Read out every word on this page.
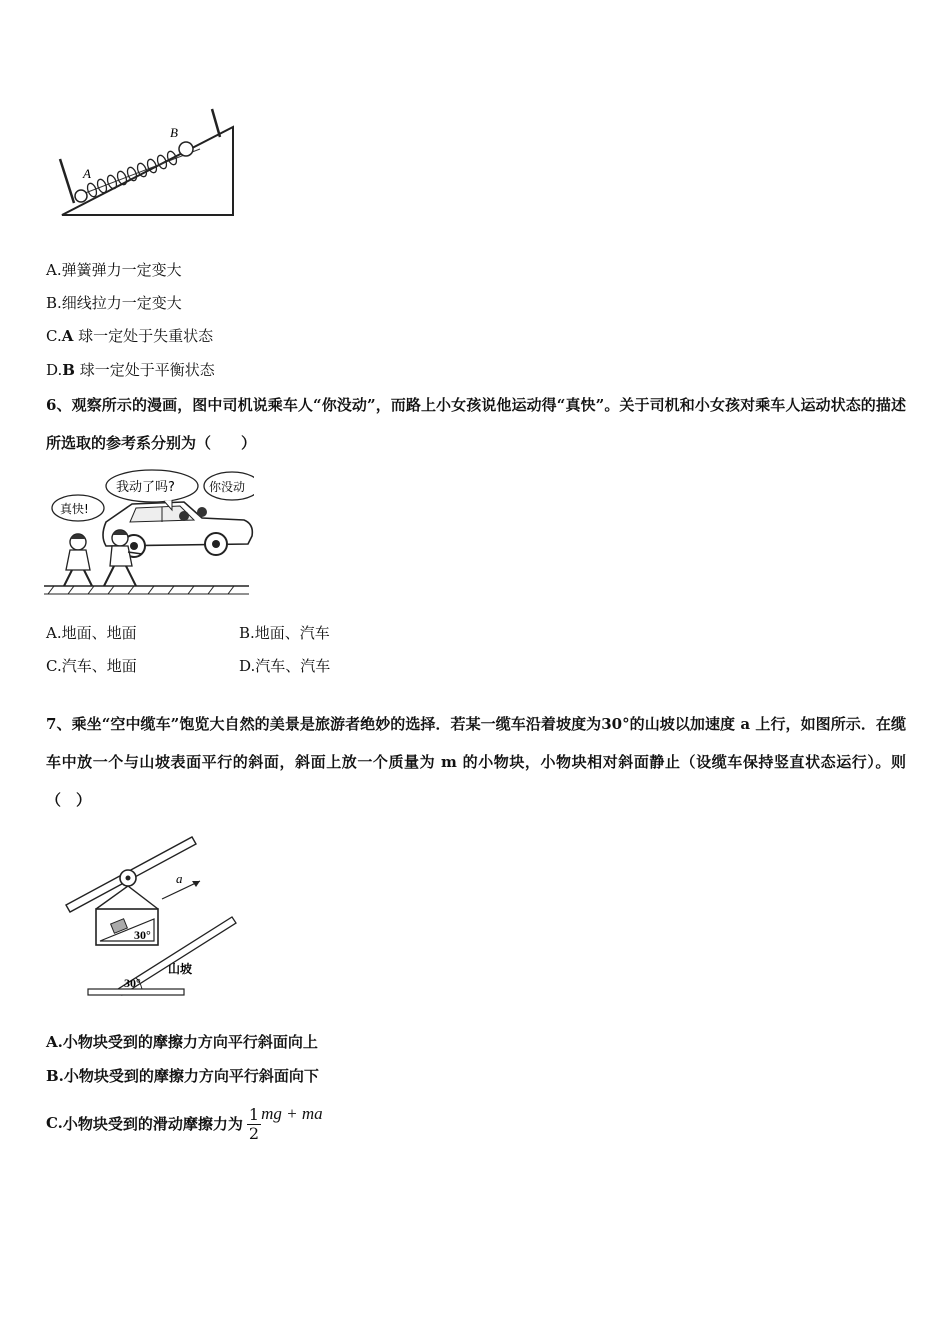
A
B
A.弹簧弹力一定变大
B.细线拉力一定变大
C.A 球一定处于失重状态
D.B 球一定处于平衡状态
6、观察所示的漫画，图中司机说乘车人“你没动”，而路上小女孩说他运动得“真快”。关于司机和小女孩对乘车人运动状态的描述所选取的参考系分别为（　　）
我动了吗?	你没动
真快!
A.地面、地面	B.地面、汽车
C.汽车、地面	D.汽车、汽车
7、乘坐“空中缆车”饱览大自然的美景是旅游者绝妙的选择．若某一缆车沿着坡度为30°的山坡以加速度 a 上行，如图所示．在缆车中放一个与山坡表面平行的斜面，斜面上放一个质量为 m 的小物块，小物块相对斜面静止（设缆车保持竖直状态运行）。则（　）
30°
a
30°
山坡
A.小物块受到的摩擦力方向平行斜面向上
B.小物块受到的摩擦力方向平行斜面向下
C.小物块受到的滑动摩擦力为 $\frac{1}{2}$ mg + ma
